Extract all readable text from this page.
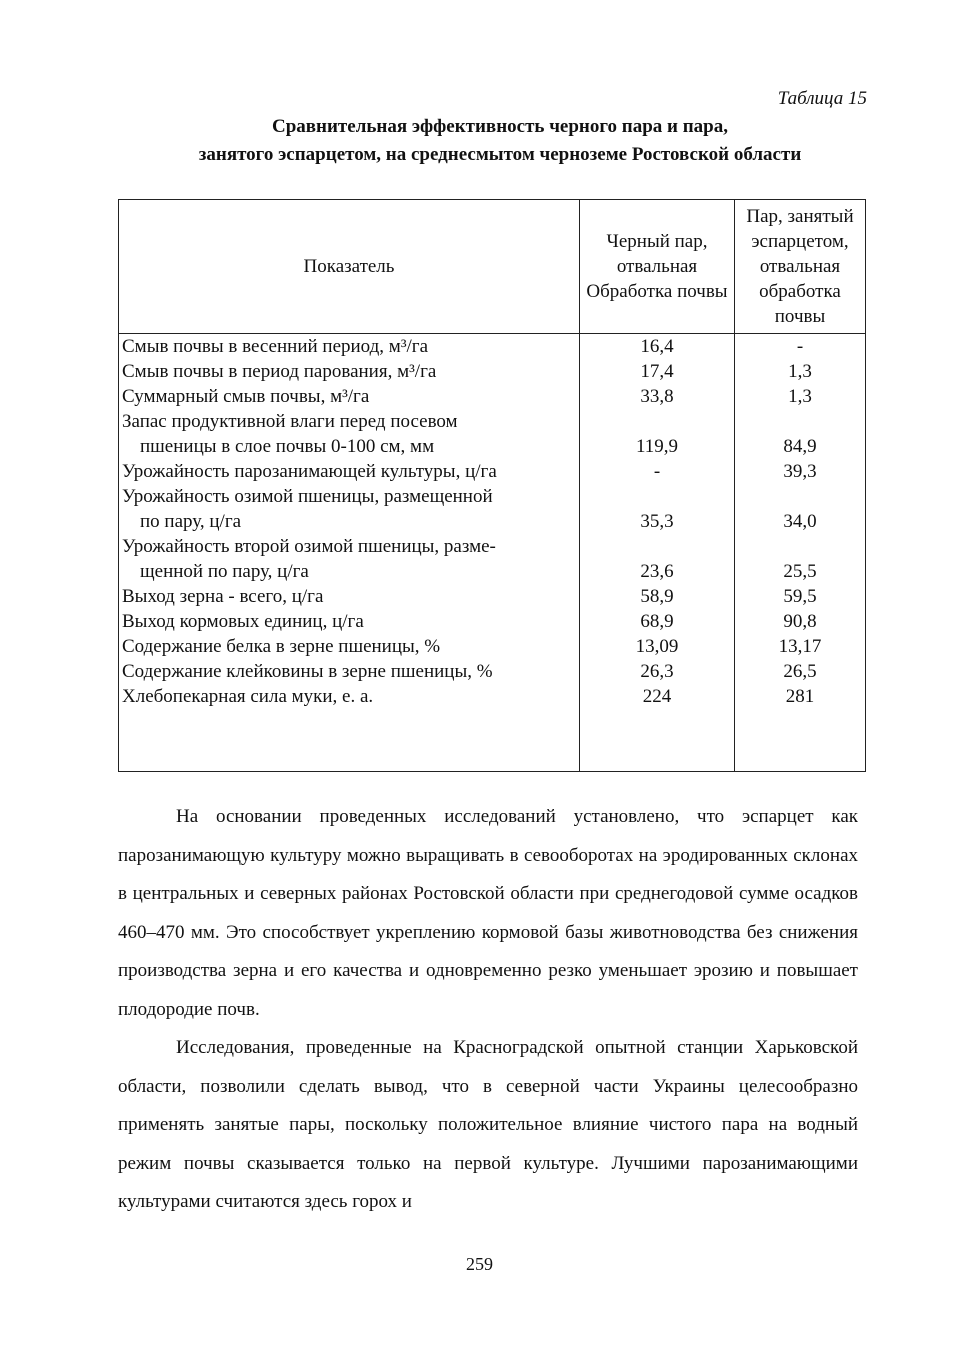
Таблица 15
Сравнительная эффективность черного пара и пара,
занятого эспарцетом, на среднесмытом черноземе Ростовской области
Показатель	Черный пар, отвальная Обработка почвы	Пар, занятый эспарцетом, отвальная обработка почвы
Смыв почвы в весенний период, м³/га	16,4	-
Смыв почвы в период парования, м³/га	17,4	1,3
Суммарный смыв почвы, м³/га	33,8	1,3

Запас продуктивной влаги перед посевом
пшеницы в слое почвы 0-100 см, мм	119,9	84,9
Урожайность парозанимающей культуры, ц/га	-	39,3

Урожайность озимой пшеницы, размещенной
по пару, ц/га	35,3	34,0

Урожайность второй озимой пшеницы, разме-
щенной по пару, ц/га	23,6	25,5
Выход зерна - всего, ц/га	58,9	59,5
Выход кормовых единиц, ц/га	68,9	90,8
Содержание белка в зерне пшеницы, %	13,09	13,17
Содержание клейковины в зерне пшеницы, %	26,3	26,5
Хлебопекарная сила муки, е. а.	224	281

На основании проведенных исследований установлено, что эспарцет как парозанимающую культуру можно выращивать в севооборотах на эродированных склонах в центральных и северных районах Ростовской области при среднегодовой сумме осадков 460–470 мм. Это способствует укреплению кормовой базы животноводства без снижения производства зерна и его качества и одновременно резко уменьшает эрозию и повышает плодородие почв.

Исследования, проведенные на Красноградской опытной станции Харьковской области, позволили сделать вывод, что в северной части Украины целесообразно применять занятые пары, поскольку положительное влияние чистого пара на водный режим почвы сказывается только на первой культуре. Лучшими парозанимающими культурами считаются здесь горох и

259
